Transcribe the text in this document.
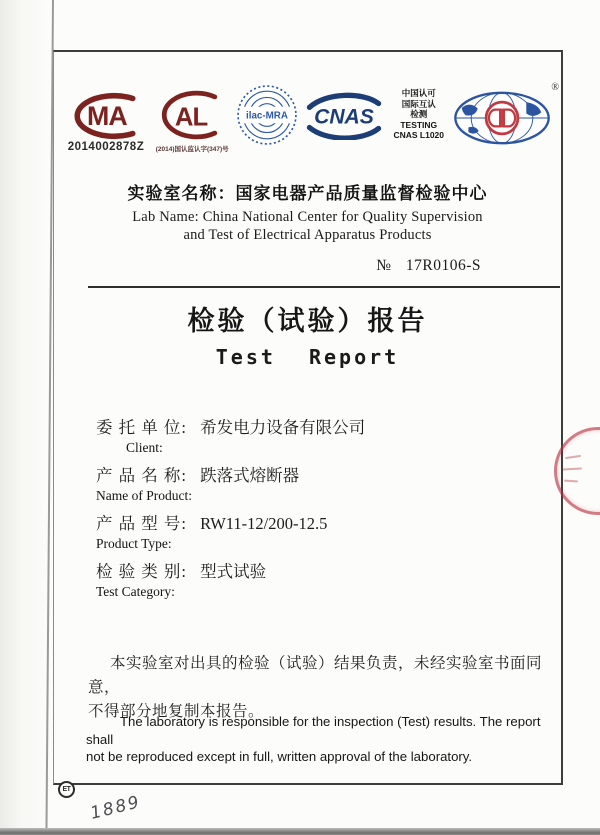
MA
2014002878Z
AL
(2014)国认监认字(347)号
ilac-MRA CNAS
中国认可
国际互认
检测
TESTING
CNAS L1020
®
实验室名称：国家电器产品质量监督检验中心
Lab Name: China National Center for Quality Supervision
and Test of Electrical Apparatus Products
№ 17R0106-S
检验（试验）报告
Test Report
委 托 单 位: 希发电力设备有限公司
Client:
产 品 名 称: 跌落式熔断器
Name of Product:
产 品 型 号: RW11-12/200-12.5
Product Type:
检 验 类 别: 型式试验
Test Category:
本实验室对出具的检验（试验）结果负责，未经实验室书面同意，
不得部分地复制本报告。
The laboratory is responsible for the inspection (Test) results. The report shall
not be reproduced except in full, written approval of the laboratory.
ET
1889
